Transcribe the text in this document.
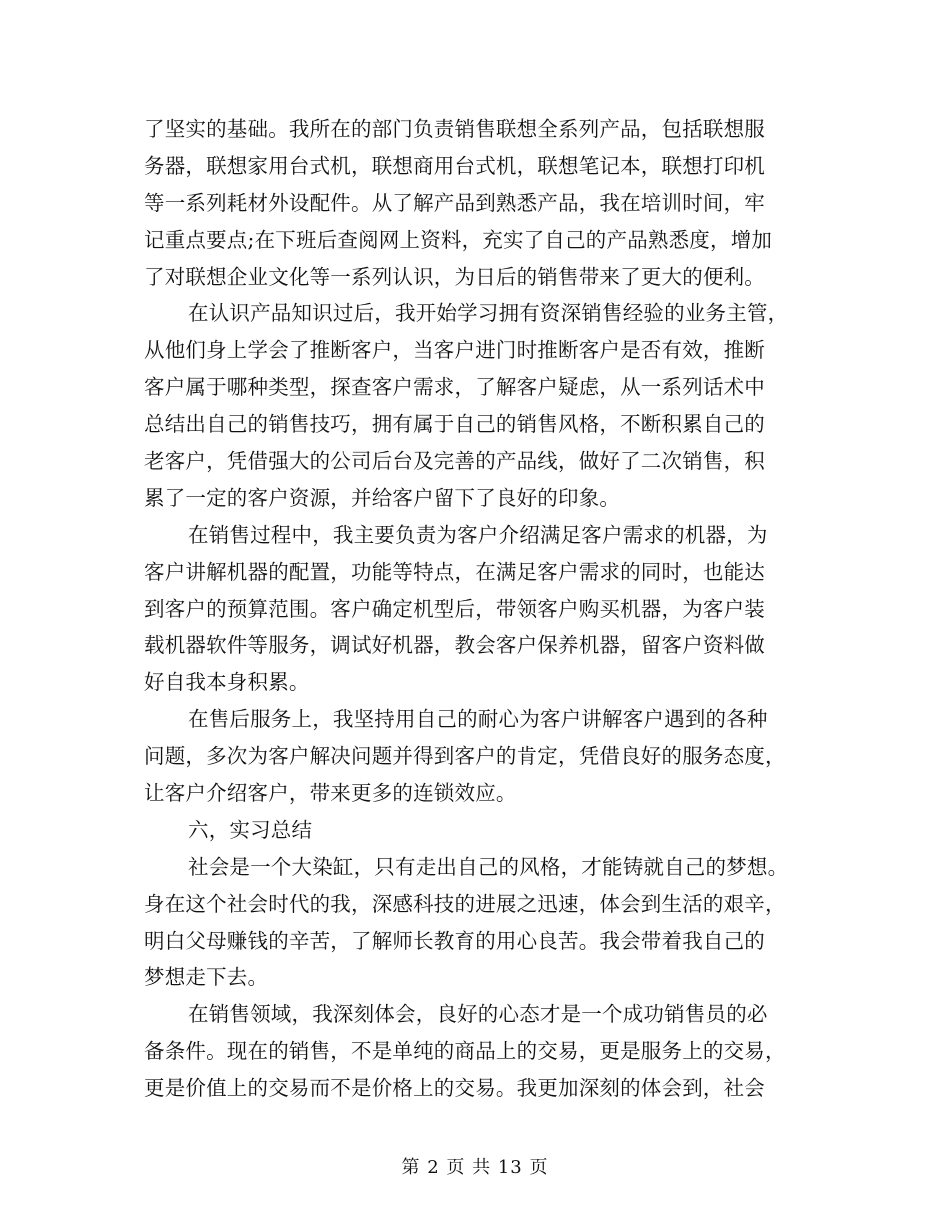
了坚实的基础。我所在的部门负责销售联想全系列产品，包括联想服
务器，联想家用台式机，联想商用台式机，联想笔记本，联想打印机
等一系列耗材外设配件。从了解产品到熟悉产品，我在培训时间，牢
记重点要点;在下班后查阅网上资料，充实了自己的产品熟悉度，增加
了对联想企业文化等一系列认识，为日后的销售带来了更大的便利。
在认识产品知识过后，我开始学习拥有资深销售经验的业务主管，
从他们身上学会了推断客户，当客户进门时推断客户是否有效，推断
客户属于哪种类型，探查客户需求，了解客户疑虑，从一系列话术中
总结出自己的销售技巧，拥有属于自己的销售风格，不断积累自己的
老客户，凭借强大的公司后台及完善的产品线，做好了二次销售，积
累了一定的客户资源，并给客户留下了良好的印象。
在销售过程中，我主要负责为客户介绍满足客户需求的机器，为
客户讲解机器的配置，功能等特点，在满足客户需求的同时，也能达
到客户的预算范围。客户确定机型后，带领客户购买机器，为客户装
载机器软件等服务，调试好机器，教会客户保养机器，留客户资料做
好自我本身积累。
在售后服务上，我坚持用自己的耐心为客户讲解客户遇到的各种
问题，多次为客户解决问题并得到客户的肯定，凭借良好的服务态度，
让客户介绍客户，带来更多的连锁效应。
六，实习总结
社会是一个大染缸，只有走出自己的风格，才能铸就自己的梦想。
身在这个社会时代的我，深感科技的进展之迅速，体会到生活的艰辛，
明白父母赚钱的辛苦，了解师长教育的用心良苦。我会带着我自己的
梦想走下去。
在销售领域，我深刻体会，良好的心态才是一个成功销售员的必
备条件。现在的销售，不是单纯的商品上的交易，更是服务上的交易，
更是价值上的交易而不是价格上的交易。我更加深刻的体会到，社会
第 2 页 共 13 页
